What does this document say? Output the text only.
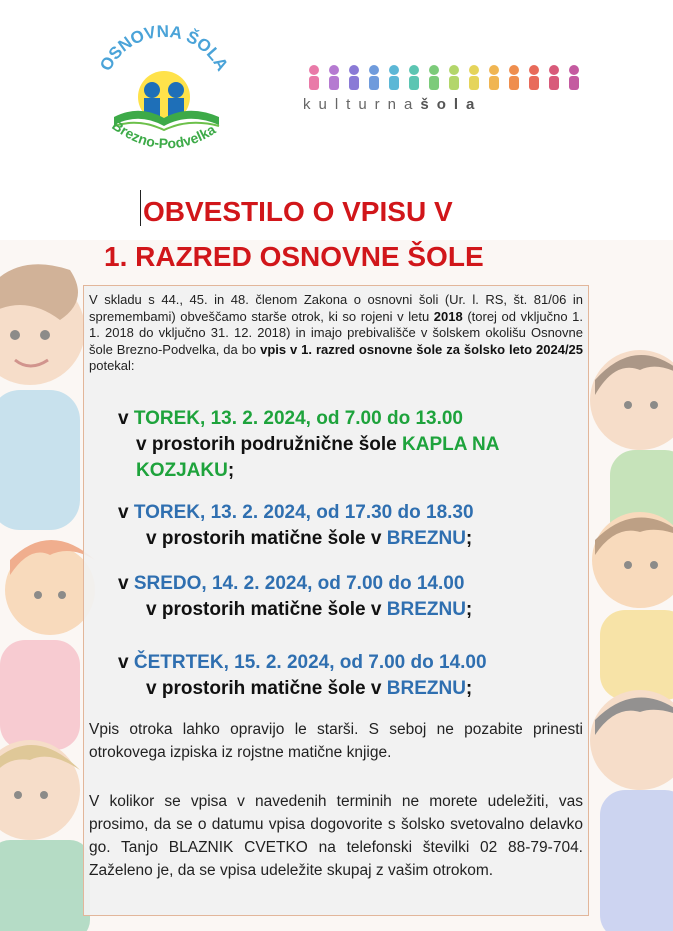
OSNOVNA ŠOLA
Brezno-Podvelka
kulturnašola
OBVESTILO O VPISU V
1. RAZRED OSNOVNE ŠOLE
V skladu s 44., 45. in 48. členom Zakona o osnovni šoli (Ur. l. RS, št. 81/06 in spremembami) obveščamo starše otrok, ki so rojeni v letu 2018 (torej od vključno 1. 1. 2018 do vključno 31. 12. 2018) in imajo prebivališče v šolskem okolišu Osnovne šole Brezno-Podvelka, da bo vpis v 1. razred osnovne šole za šolsko leto 2024/25 potekal:
v TOREK, 13. 2. 2024, od 7.00 do 13.00
v prostorih podružnične šole KAPLA NA
KOZJAKU;
v TOREK, 13. 2. 2024, od 17.30 do 18.30
v prostorih matične šole v BREZNU;
v SREDO, 14. 2. 2024, od 7.00 do 14.00
v prostorih matične šole v BREZNU;
v ČETRTEK, 15. 2. 2024, od 7.00 do 14.00
v prostorih matične šole v BREZNU;
Vpis otroka lahko opravijo le starši. S seboj ne pozabite prinesti otrokovega izpiska iz rojstne matične knjige.
V kolikor se vpisa v navedenih terminih ne morete udeležiti, vas prosimo, da se o datumu vpisa dogovorite s šolsko svetovalno delavko go. Tanjo BLAZNIK CVETKO na telefonski številki 02 88-79-704. Zaželeno je, da se vpisa udeležite skupaj z vašim otrokom.
